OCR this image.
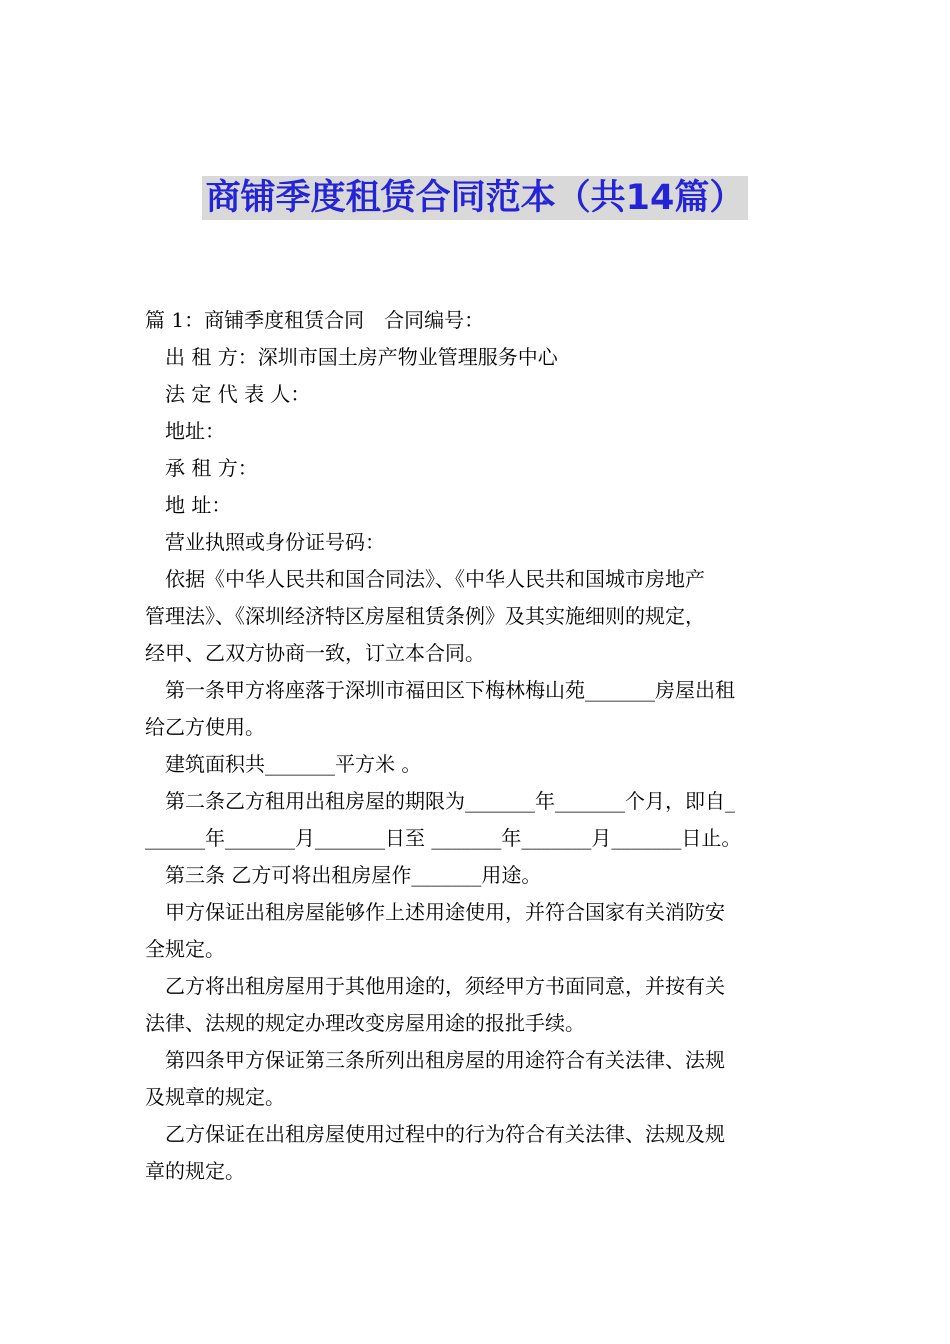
商铺季度租赁合同范本（共14篇）
篇 1：商铺季度租赁合同　合同编号：
出 租 方：深圳市国土房产物业管理服务中心
法 定 代 表 人：
地址：
承 租 方：
地 址：
营业执照或身份证号码：
依据《中华人民共和国合同法》、《中华人民共和国城市房地产
管理法》、《深圳经济特区房屋租赁条例》及其实施细则的规定，
经甲、乙双方协商一致，订立本合同。
第一条甲方将座落于深圳市福田区下梅林梅山苑_______房屋出租
给乙方使用。
建筑面积共_______平方米 。
第二条乙方租用出租房屋的期限为_______年_______个月，即自_
______年_______月_______日至 _______年_______月_______日止。
第三条 乙方可将出租房屋作_______用途。
甲方保证出租房屋能够作上述用途使用，并符合国家有关消防安
全规定。
乙方将出租房屋用于其他用途的，须经甲方书面同意，并按有关
法律、法规的规定办理改变房屋用途的报批手续。
第四条甲方保证第三条所列出租房屋的用途符合有关法律、法规
及规章的规定。
乙方保证在出租房屋使用过程中的行为符合有关法律、法规及规
章的规定。
